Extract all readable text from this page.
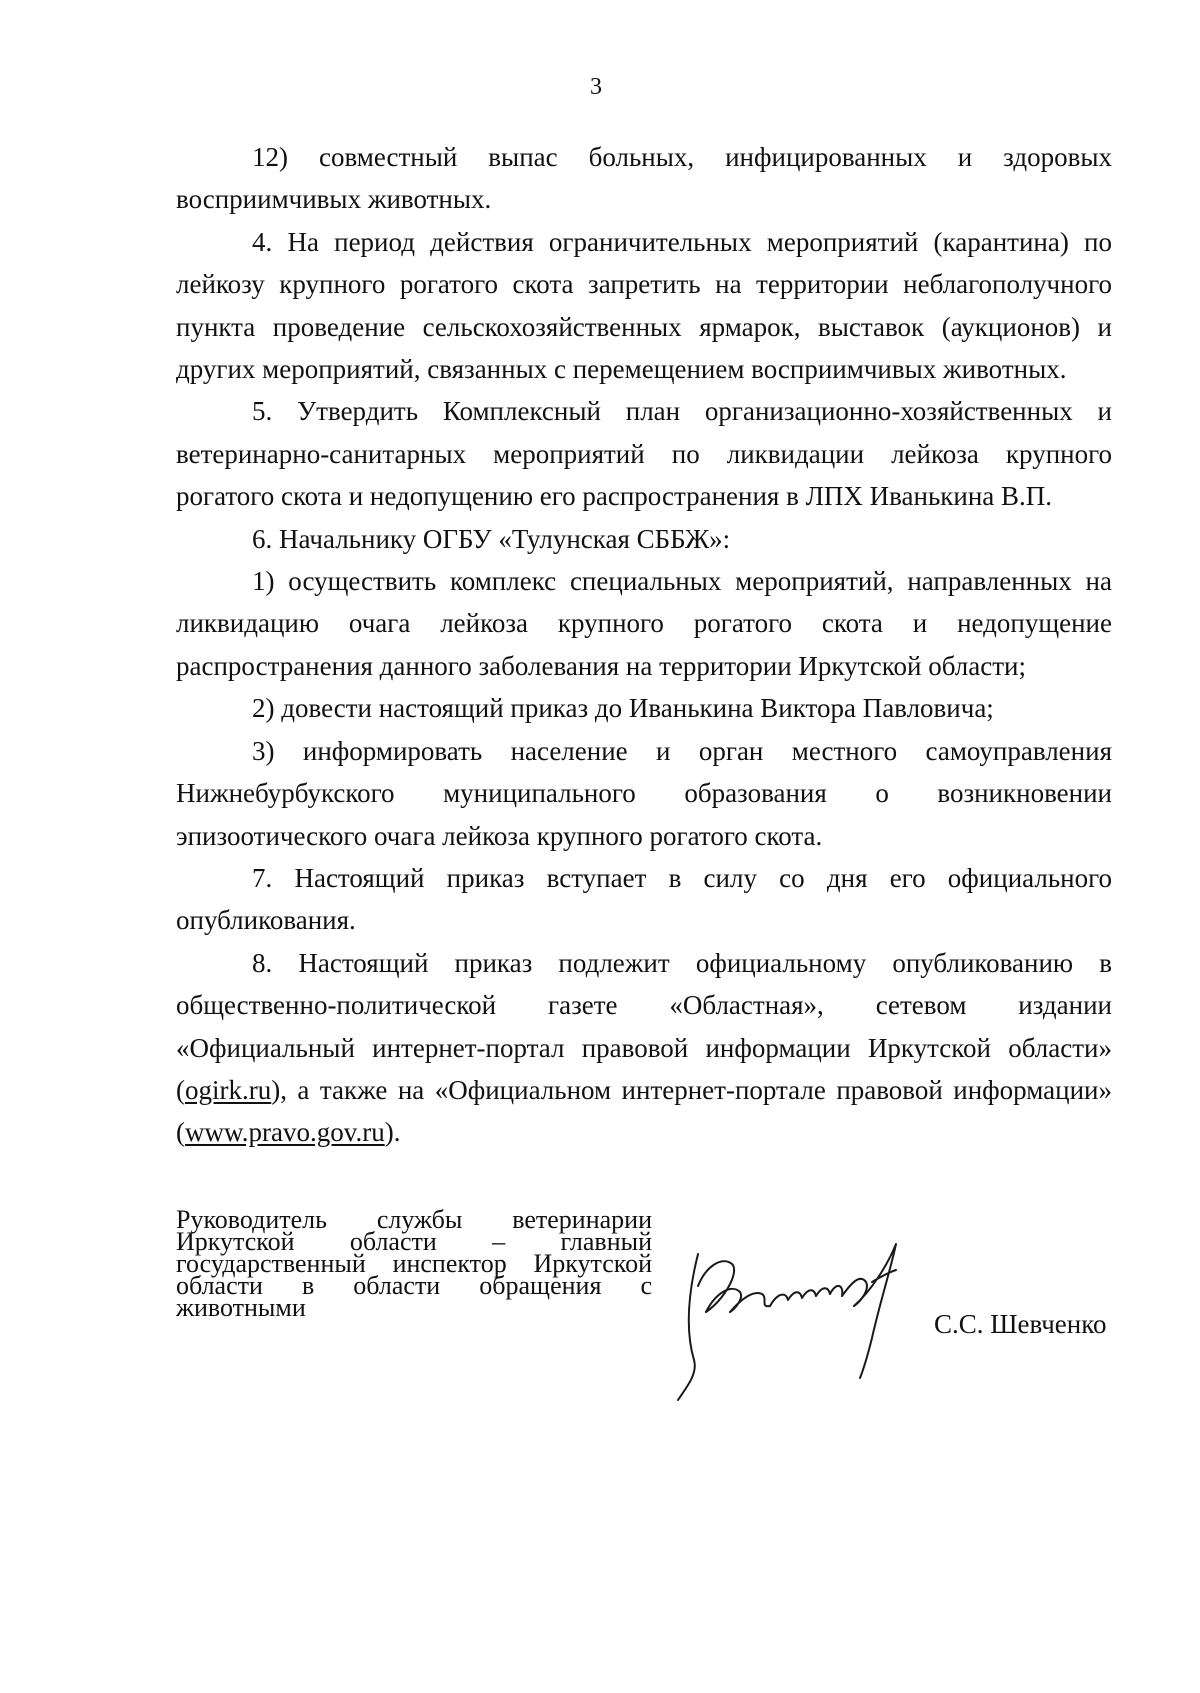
3

12) совместный выпас больных, инфицированных и здоровых восприимчивых животных.

4. На период действия ограничительных мероприятий (карантина) по лейкозу крупного рогатого скота запретить на территории неблагополучного пункта проведение сельскохозяйственных ярмарок, выставок (аукционов) и других мероприятий, связанных с перемещением восприимчивых животных.

5. Утвердить Комплексный план организационно-хозяйственных и ветеринарно-санитарных мероприятий по ликвидации лейкоза крупного рогатого скота и недопущению его распространения в ЛПХ Иванькина В.П.

6. Начальнику ОГБУ «Тулунская СББЖ»:

1) осуществить комплекс специальных мероприятий, направленных на ликвидацию очага лейкоза крупного рогатого скота и недопущение распространения данного заболевания на территории Иркутской области;

2) довести настоящий приказ до Иванькина Виктора Павловича;

3) информировать население и орган местного самоуправления Нижнебурбукского муниципального образования о возникновении эпизоотического очага лейкоза крупного рогатого скота.

7. Настоящий приказ вступает в силу со дня его официального опубликования.

8. Настоящий приказ подлежит официальному опубликованию в общественно-политической газете «Областная», сетевом издании «Официальный интернет-портал правовой информации Иркутской области» (ogirk.ru), а также на «Официальном интернет-портале правовой информации» (www.pravo.gov.ru).

Руководитель службы ветеринарии Иркутской области – главный государственный инспектор Иркутской области в области обращения с животными
С.С. Шевченко
